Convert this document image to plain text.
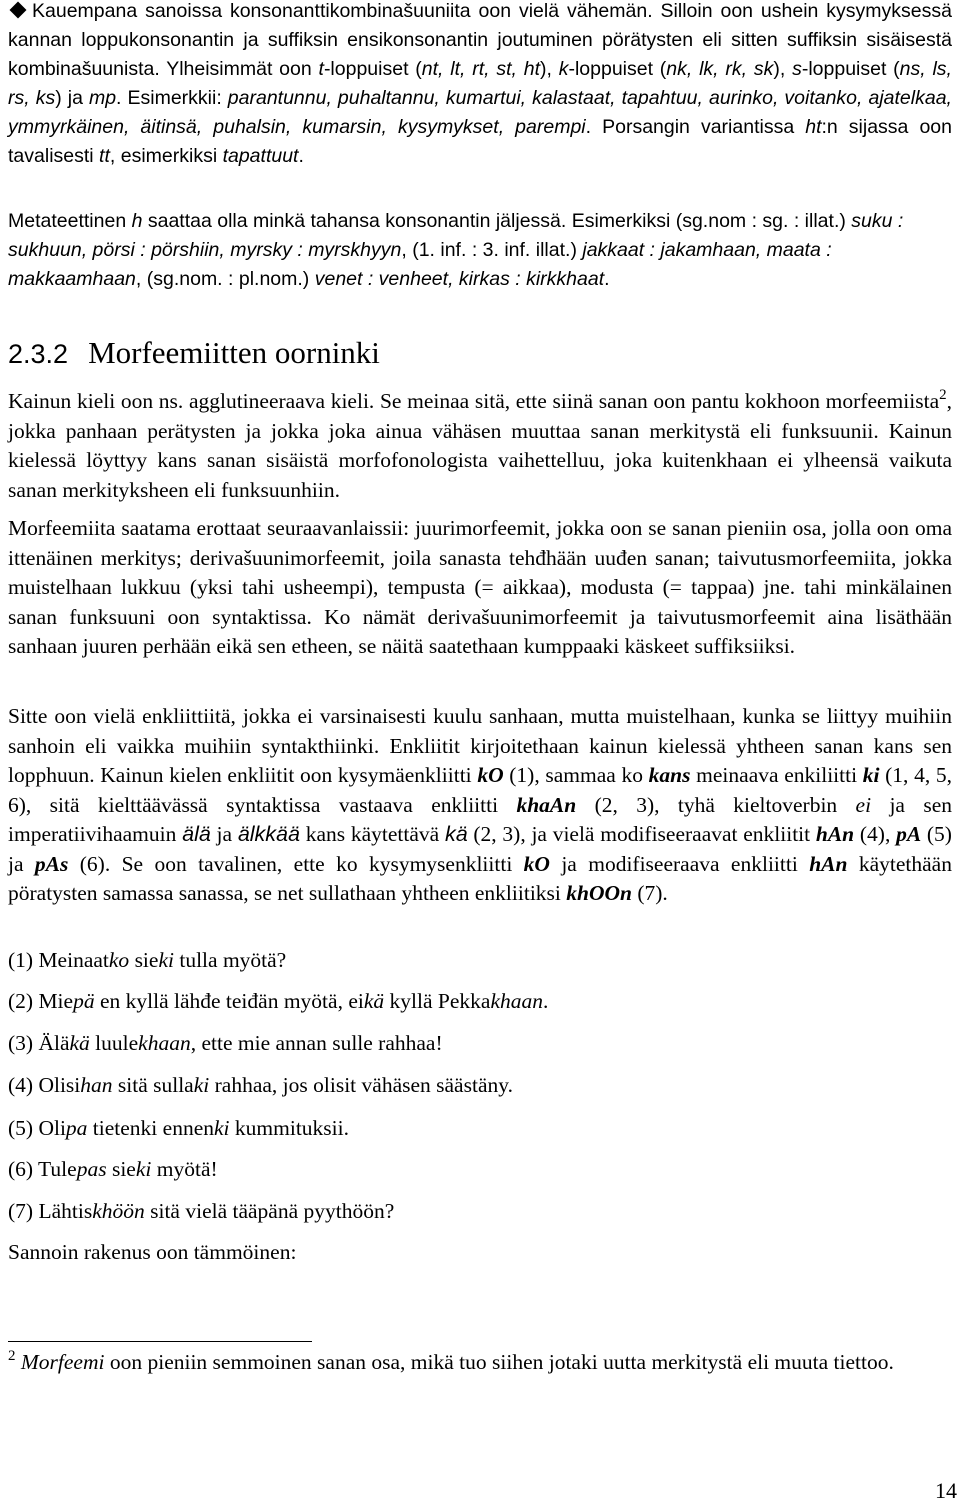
Kauempana sanoissa konsonanttikombinašuuniita oon vielä vähemän. Silloin oon ushein kysymyksessä kannan loppukonsonantin ja suffiksin ensikonsonantin joutuminen pörätysten eli sitten suffiksin sisäisestä kombinašuunista. Ylheisimmät oon t-loppuiset (nt, lt, rt, st, ht), k-loppuiset (nk, lk, rk, sk), s-loppuiset (ns, ls, rs, ks) ja mp. Esimerkkii: parantunnu, puhaltannu, kumartui, kalastaat, tapahtuu, aurinko, voitanko, ajatelkaa, ymmyrkäinen, äitinsä, puhalsin, kumarsin, kysymykset, parempi. Porsangin variantissa ht:n sijassa oon tavalisesti tt, esimerkiksi tapattuut.

Metateettinen h saattaa olla minkä tahansa konsonantin jäljessä. Esimerkiksi (sg.nom : sg. : illat.) suku : sukhuun, pörsi : pörshiin, myrsky : myrskhyyn, (1. inf. : 3. inf. illat.) jakkaat : jakamhaan, maata : makkaamhaan, (sg.nom. : pl.nom.) venet : venheet, kirkas : kirkkhaat.

2.3.2 Morfeemiitten oorninki

Kainun kieli oon ns. agglutineeraava kieli. Se meinaa sitä, ette siinä sanan oon pantu kokhoon morfeemiista$^2$, jokka panhaan perätysten ja jokka joka ainua vähäsen muuttaa sanan merkitystä eli funksuunii. Kainun kielessä löyttyy kans sanan sisäistä morfofonologista vaihettelluu, joka kuitenkhaan ei ylheensä vaikuta sanan merkityksheen eli funksuunhiin.

Morfeemiita saatama erottaat seuraavanlaissii: juurimorfeemit, jokka oon se sanan pieniin osa, jolla oon oma ittenäinen merkitys; derivašuunimorfeemit, joila sanasta tehđhään uuđen sanan; taivutusmorfeemiita, jokka muistelhaan lukkuu (yksi tahi usheempi), tempusta (= aikkaa), modusta (= tappaa) jne. tahi minkälainen sanan funksuuni oon syntaktissa. Ko nämät derivašuunimorfeemit ja taivutusmorfeemit aina lisäthään sanhaan juuren perhään eikä sen etheen, se näitä saatethaan kumppaaki käskeet suffiksiiksi.

Sitte oon vielä enkliittiitä, jokka ei varsinaisesti kuulu sanhaan, mutta muistelhaan, kunka se liittyy muihiin sanhoin eli vaikka muihiin syntakthiinki. Enkliitit kirjoitethaan kainun kielessä yhtheen sanan kans sen lopphuun. Kainun kielen enkliitit oon kysymäenkliitti kO (1), sammaa ko kans meinaava enkiliitti ki (1, 4, 5, 6), sitä kielttäävässä syntaktissa vastaava enkliitti khaAn (2, 3), tyhä kieltoverbin ei ja sen imperatiivihaamuin älä ja älkkää kans käytettävä kä (2, 3), ja vielä modifiseeraavat enkliitit hAn (4), pA (5) ja pAs (6). Se oon tavalinen, ette ko kysymysenkliitti kO ja modifiseeraava enkliitti hAn käytethään pöratysten samassa sanassa, se net sullathaan yhtheen enkliitiksi khOOn (7).

(1) Meinaatko sieki tulla myötä?

(2) Miepä en kyllä lähđe teiđän myötä, eikä kyllä Pekkakhaan.

(3) Äläkä luulekhaan, ette mie annan sulle rahhaa!

(4) Olisihan sitä sullaki rahhaa, jos olisit vähäsen säästäny.

(5) Olipa tietenki ennenki kummituksii.

(6) Tulepas sieki myötä!

(7) Lähtiskhöön sitä vielä tääpänä pyythöön?

Sannoin rakenus oon tämmöinen:

$^2$ Morfeemi oon pieniin semmoinen sanan osa, mikä tuo siihen jotaki uutta merkitystä eli muuta tiettoo.

14
